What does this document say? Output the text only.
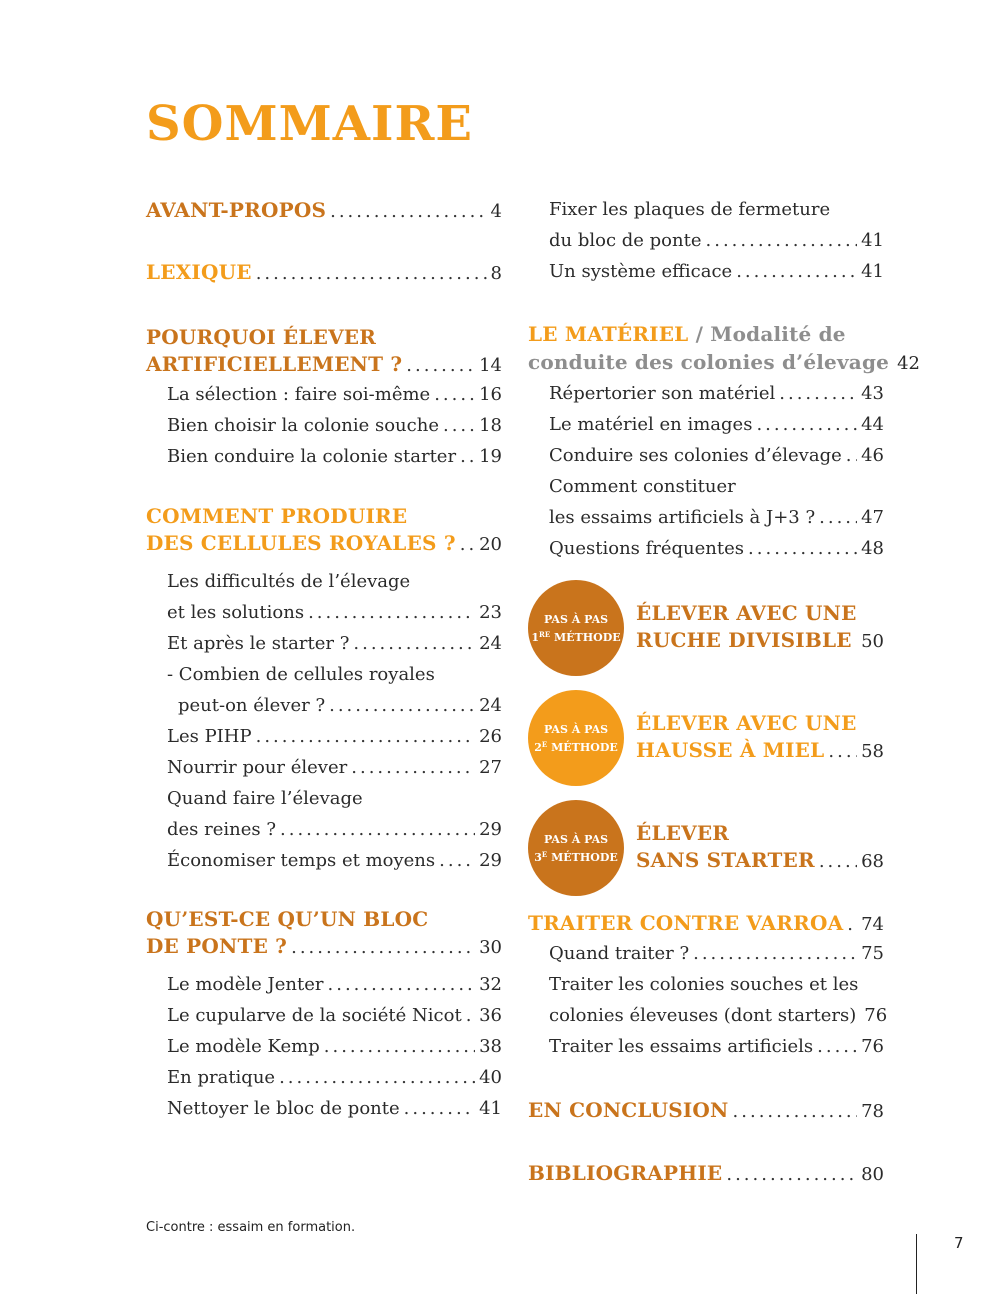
SOMMAIRE
AVANT-PROPOS .....	4
LEXIQUE .....	8
POURQUOI ÉLEVER
ARTIFICIELLEMENT ? .....	14
La sélection : faire soi-même .....	16
Bien choisir la colonie souche ..... 18
Bien conduire la colonie starter ..... 19
COMMENT PRODUIRE
DES CELLULES ROYALES ? ..... 20
Les difficultés de l’élevage
et les solutions .....	23
Et après le starter ? .....	24
- Combien de cellules royales
peut-on élever ? .....	24
Les PIHP .....	26
Nourrir pour élever .....	27
Quand faire l’élevage
des reines ? .....	29
Économiser temps et moyens ..... 29
QU’EST-CE QU’UN BLOC
DE PONTE ? .....	30
Le modèle Jenter .....	32
Le cupularve de la société Nicot ..... 36
Le modèle Kemp .....	38
En pratique .....	40
Nettoyer le bloc de ponte .....	41
Fixer les plaques de fermeture
du bloc de ponte .....	41
Un système efficace .....	41
LE MATÉRIEL / Modalité de
conduite des colonies d’élevage 42
Répertorier son matériel .....	43
Le matériel en images .....	44
Conduire ses colonies d’élevage ..... 46
Comment constituer
les essaims artificiels à J+3 ? .....	47
Questions fréquentes .....	48
PAS À PAS
1RE MÉTHODE
ÉLEVER AVEC UNE
RUCHE DIVISIBLE ..... 50
PAS À PAS
$2^E$ MÉTHODE
ÉLEVER AVEC UNE
HAUSSE À MIEL ..... 58
PAS À PAS
$3^E$ MÉTHODE
ÉLEVER
SANS STARTER .....	68
TRAITER CONTRE VARROA ..... 74
Quand traiter ? .....	75
Traiter les colonies souches et les
colonies éleveuses (dont starters) 76
Traiter les essaims artificiels .....	76
EN CONCLUSION .....	78
BIBLIOGRAPHIE .....	80
Ci-contre : essaim en formation.
7
